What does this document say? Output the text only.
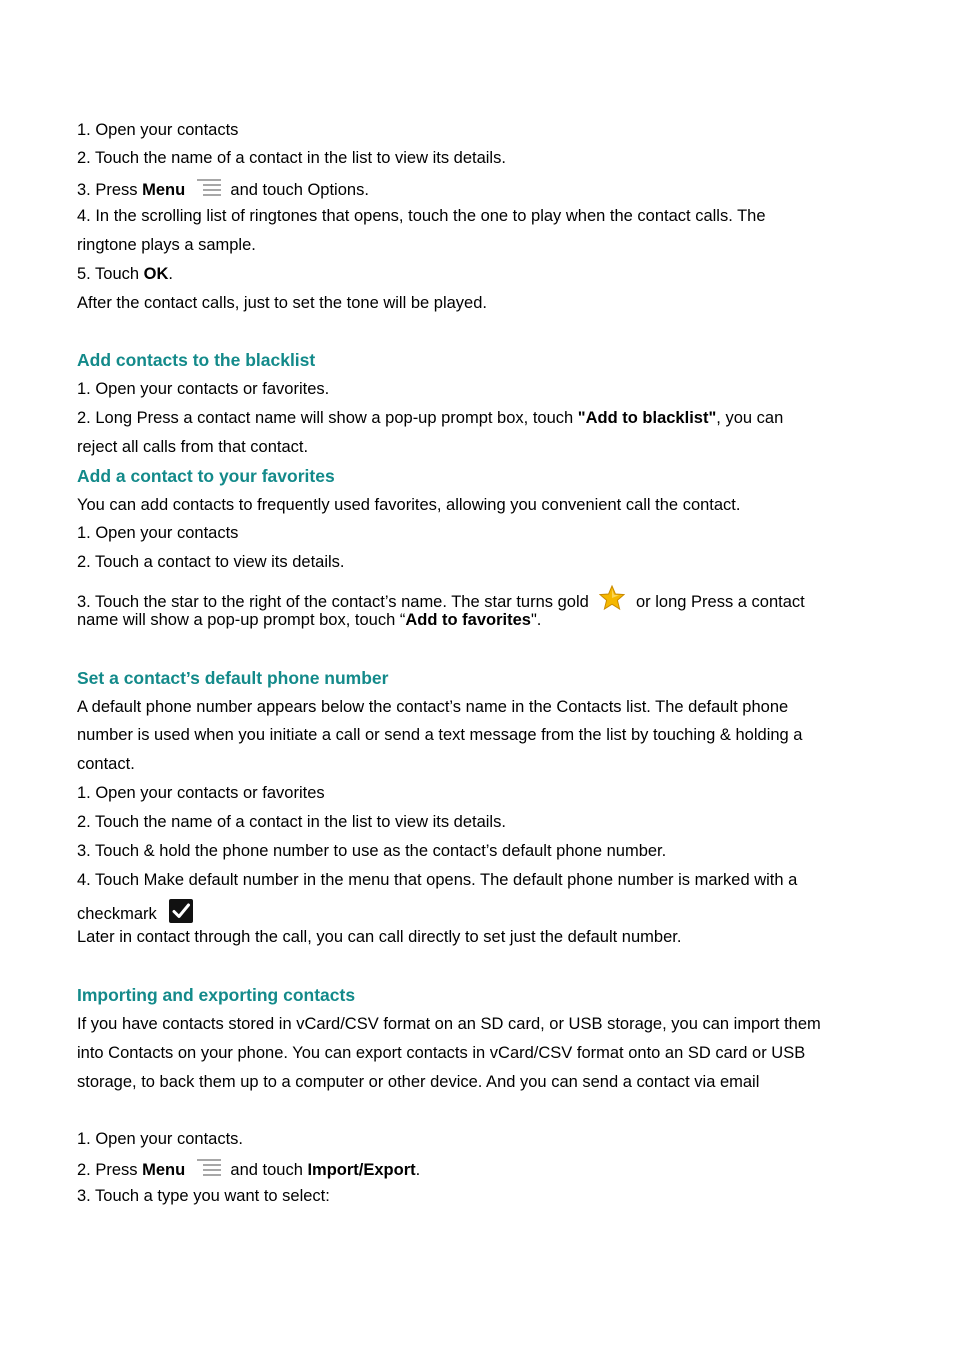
1. Open your contacts
2. Touch the name of a contact in the list to view its details.
3. Press Menu	and touch Options.
4. In the scrolling list of ringtones that opens, touch the one to play when the contact calls. The
ringtone plays a sample.
5. Touch OK.
After the contact calls, just to set the tone will be played.
Add contacts to the blacklist
1. Open your contacts or favorites.
2. Long Press a contact name will show a pop-up prompt box, touch "Add to blacklist", you can
reject all calls from that contact.
Add a contact to your favorites
You can add contacts to frequently used favorites, allowing you convenient call the contact.
1. Open your contacts
2. Touch a contact to view its details.
3. Touch the star to the right of the contact’s name. The star turns gold	or long Press a contact
name will show a pop-up prompt box, touch “Add to favorites".
Set a contact’s default phone number
A default phone number appears below the contact’s name in the Contacts list. The default phone
number is used when you initiate a call or send a text message from the list by touching & holding a
contact.
1. Open your contacts or favorites
2. Touch the name of a contact in the list to view its details.
3. Touch & hold the phone number to use as the contact’s default phone number.
4. Touch Make default number in the menu that opens. The default phone number is marked with a
checkmark
Later in contact through the call, you can call directly to set just the default number.
Importing and exporting contacts
If you have contacts stored in vCard/CSV format on an SD card, or USB storage, you can import them
into Contacts on your phone. You can export contacts in vCard/CSV format onto an SD card or USB
storage, to back them up to a computer or other device. And you can send a contact via email
1. Open your contacts.
2. Press Menu	and touch Import/Export.
3. Touch a type you want to select:
